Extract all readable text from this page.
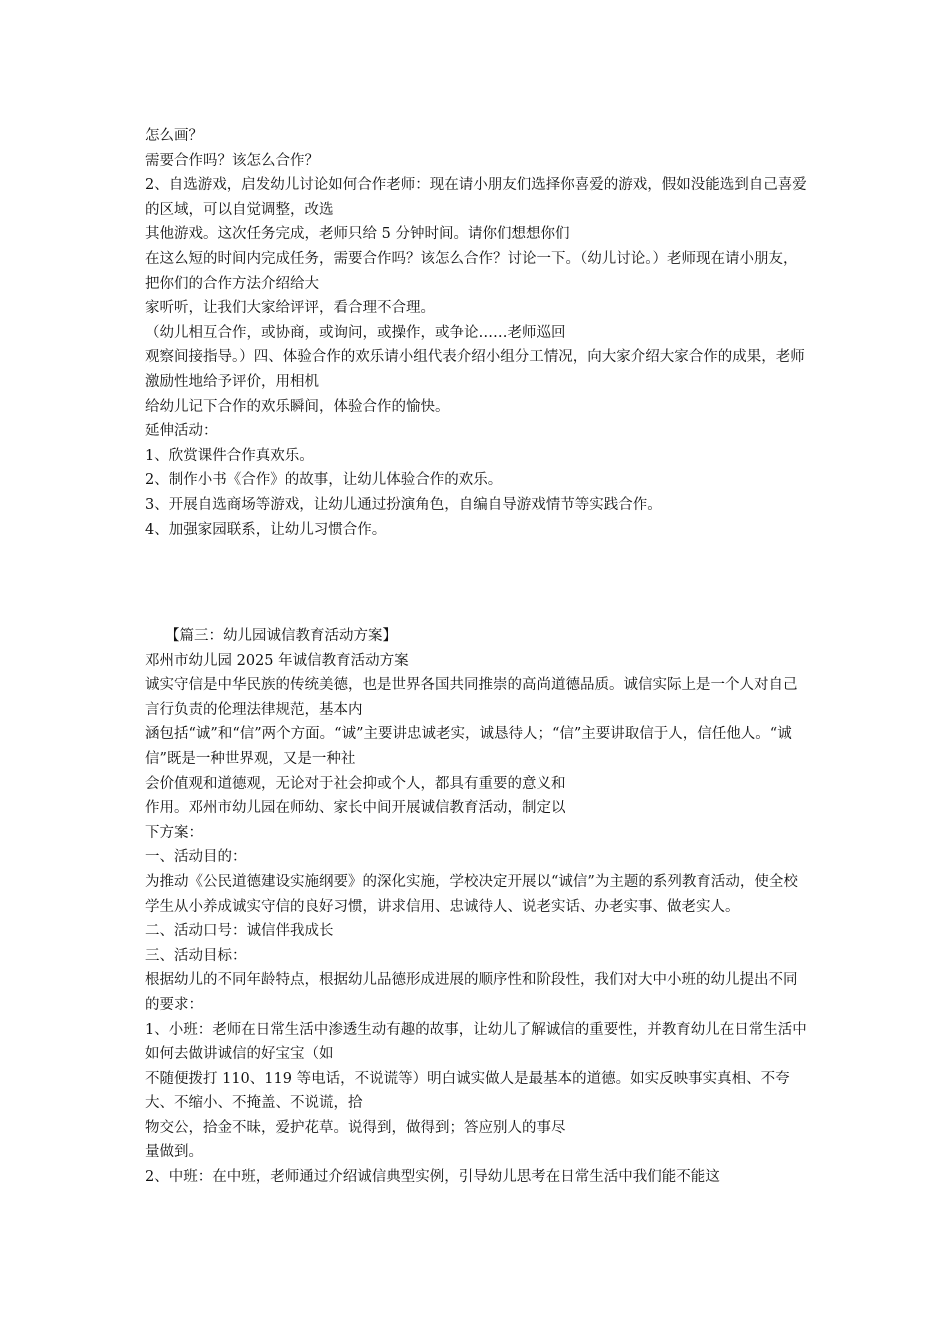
怎么画？

需要合作吗？该怎么合作？

2、自选游戏，启发幼儿讨论如何合作老师：现在请小朋友们选择你喜爱的游戏，假如没能选到自己喜爱的区域，可以自觉调整，改选

其他游戏。这次任务完成，老师只给 5 分钟时间。请你们想想你们

在这么短的时间内完成任务，需要合作吗？该怎么合作？讨论一下。（幼儿讨论。）老师现在请小朋友，把你们的合作方法介绍给大

家听听，让我们大家给评评，看合理不合理。

（幼儿相互合作，或协商，或询问，或操作，或争论……老师巡回

观察间接指导。）四、体验合作的欢乐请小组代表介绍小组分工情况，向大家介绍大家合作的成果，老师激励性地给予评价，用相机

给幼儿记下合作的欢乐瞬间，体验合作的愉快。

延伸活动：

1、欣赏课件合作真欢乐。

2、制作小书《合作》的故事，让幼儿体验合作的欢乐。

3、开展自选商场等游戏，让幼儿通过扮演角色，自编自导游戏情节等实践合作。

4、加强家园联系，让幼儿习惯合作。

【篇三：幼儿园诚信教育活动方案】

邓州市幼儿园 2025 年诚信教育活动方案

诚实守信是中华民族的传统美德，也是世界各国共同推崇的高尚道德品质。诚信实际上是一个人对自己言行负责的伦理法律规范，基本内

涵包括“诚”和“信”两个方面。“诚”主要讲忠诚老实，诚恳待人；“信”主要讲取信于人，信任他人。“诚信”既是一种世界观，又是一种社

会价值观和道德观，无论对于社会抑或个人，都具有重要的意义和

作用。邓州市幼儿园在师幼、家长中间开展诚信教育活动，制定以

下方案：

一、活动目的：

为推动《公民道德建设实施纲要》的深化实施，学校决定开展以“诚信”为主题的系列教育活动，使全校学生从小养成诚实守信的良好习惯，讲求信用、忠诚待人、说老实话、办老实事、做老实人。

二、活动口号：诚信伴我成长

三、活动目标：

根据幼儿的不同年龄特点，根据幼儿品德形成进展的顺序性和阶段性，我们对大中小班的幼儿提出不同的要求：

1、小班：老师在日常生活中渗透生动有趣的故事，让幼儿了解诚信的重要性，并教育幼儿在日常生活中如何去做讲诚信的好宝宝（如

不随便拨打 110、119 等电话，不说谎等）明白诚实做人是最基本的道德。如实反映事实真相、不夸大、不缩小、不掩盖、不说谎，拾

物交公，拾金不昧，爱护花草。说得到，做得到；答应别人的事尽

量做到。

2、中班：在中班，老师通过介绍诚信典型实例，引导幼儿思考在日常生活中我们能不能这
